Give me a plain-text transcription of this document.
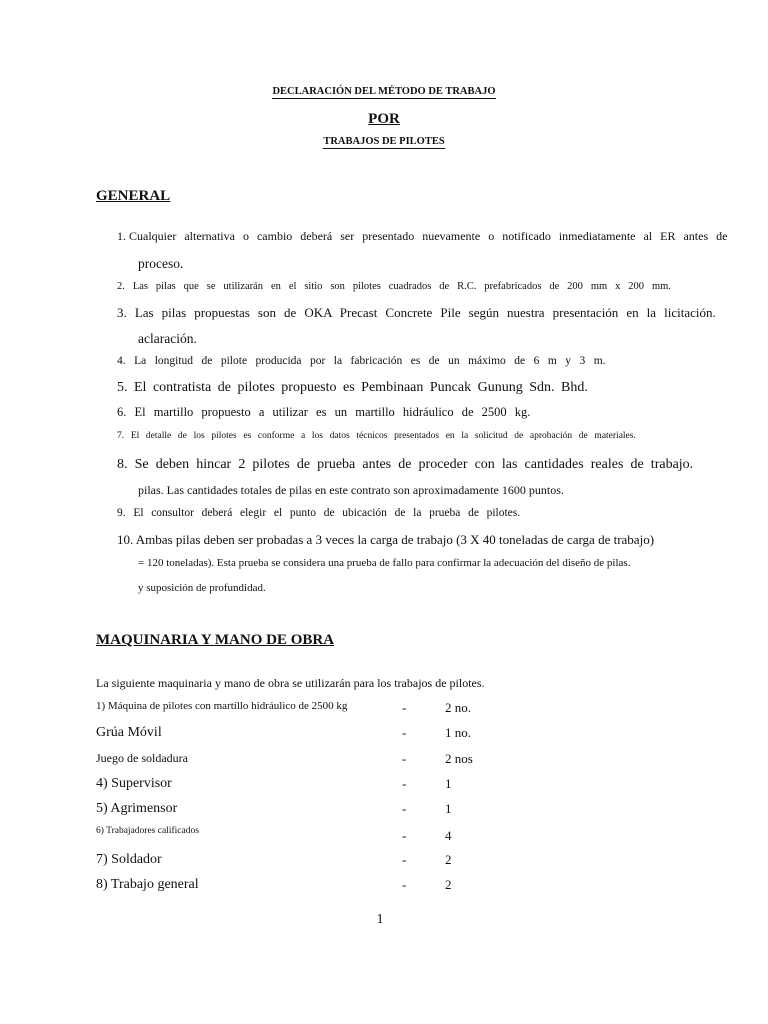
DECLARACIÓN DEL MÉTODO DE TRABAJO
POR
TRABAJOS DE PILOTES
GENERAL
1. Cualquier alternativa o cambio deberá ser presentado nuevamente o notificado inmediatamente al ER antes de
proceso.
2. Las pilas que se utilizarán en el sitio son pilotes cuadrados de R.C. prefabricados de 200 mm x 200 mm.
3. Las pilas propuestas son de OKA Precast Concrete Pile según nuestra presentación en la licitación.
aclaración.
4. La longitud de pilote producida por la fabricación es de un máximo de 6 m y 3 m.
5. El contratista de pilotes propuesto es Pembinaan Puncak Gunung Sdn. Bhd.
6. El martillo propuesto a utilizar es un martillo hidráulico de 2500 kg.
7. El detalle de los pilotes es conforme a los datos técnicos presentados en la solicitud de aprobación de materiales.
8. Se deben hincar 2 pilotes de prueba antes de proceder con las cantidades reales de trabajo.
pilas. Las cantidades totales de pilas en este contrato son aproximadamente 1600 puntos.
9. El consultor deberá elegir el punto de ubicación de la prueba de pilotes.
10. Ambas pilas deben ser probadas a 3 veces la carga de trabajo (3 X 40 toneladas de carga de trabajo)
= 120 toneladas). Esta prueba se considera una prueba de fallo para confirmar la adecuación del diseño de pilas.
y suposición de profundidad.
MAQUINARIA Y MANO DE OBRA
La siguiente maquinaria y mano de obra se utilizarán para los trabajos de pilotes.
1) Máquina de pilotes con martillo hidráulico de 2500 kg	-	2 no.
Grúa Móvil	-	1 no.
Juego de soldadura	-	2 nos
4) Supervisor	-	1
5) Agrimensor	-	1
6) Trabajadores calificados	-	4
7) Soldador	-	2
8) Trabajo general	-	2
1
